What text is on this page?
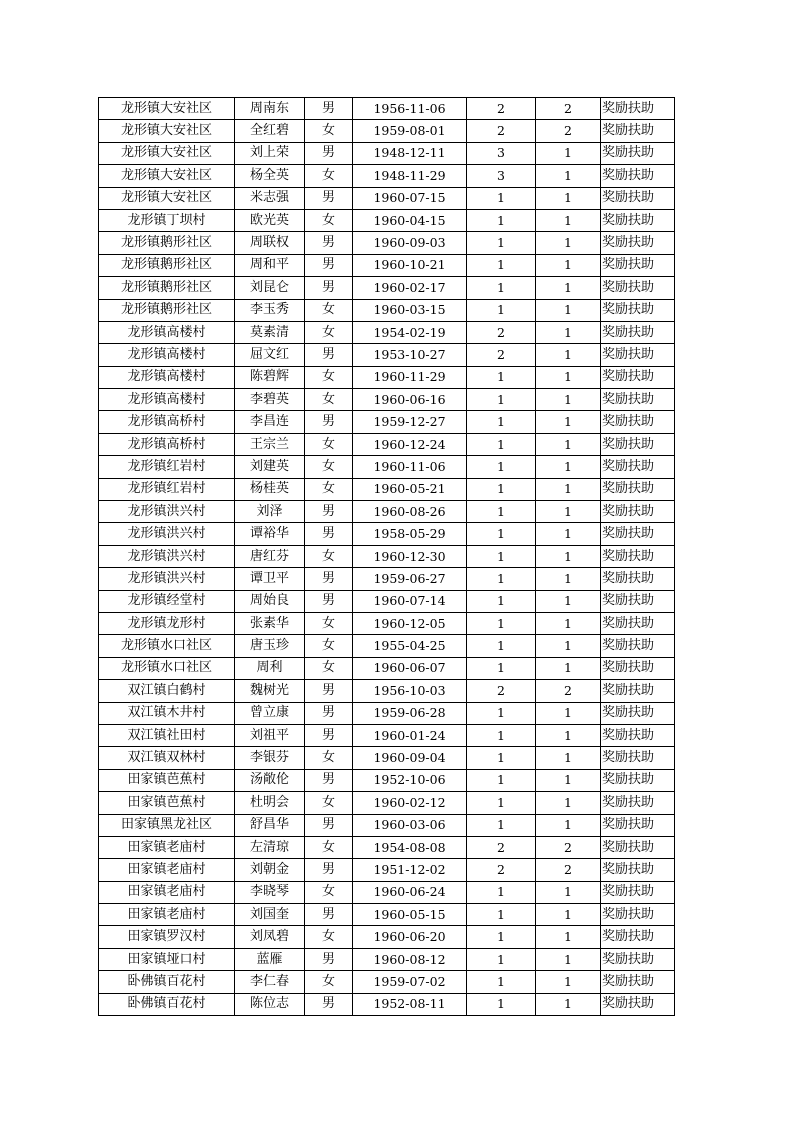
龙形镇大安社区	周南东	男	1956-11-06	2	2	奖励扶助
龙形镇大安社区	全红碧	女	1959-08-01	2	2	奖励扶助
龙形镇大安社区	刘上荣	男	1948-12-11	3	1	奖励扶助
龙形镇大安社区	杨全英	女	1948-11-29	3	1	奖励扶助
龙形镇大安社区	米志强	男	1960-07-15	1	1	奖励扶助
龙形镇丁坝村	欧光英	女	1960-04-15	1	1	奖励扶助
龙形镇鹅形社区	周联权	男	1960-09-03	1	1	奖励扶助
龙形镇鹅形社区	周和平	男	1960-10-21	1	1	奖励扶助
龙形镇鹅形社区	刘昆仑	男	1960-02-17	1	1	奖励扶助
龙形镇鹅形社区	李玉秀	女	1960-03-15	1	1	奖励扶助
龙形镇高楼村	莫素清	女	1954-02-19	2	1	奖励扶助
龙形镇高楼村	屈文红	男	1953-10-27	2	1	奖励扶助
龙形镇高楼村	陈碧辉	女	1960-11-29	1	1	奖励扶助
龙形镇高楼村	李碧英	女	1960-06-16	1	1	奖励扶助
龙形镇高桥村	李昌连	男	1959-12-27	1	1	奖励扶助
龙形镇高桥村	王宗兰	女	1960-12-24	1	1	奖励扶助
龙形镇红岩村	刘建英	女	1960-11-06	1	1	奖励扶助
龙形镇红岩村	杨桂英	女	1960-05-21	1	1	奖励扶助
龙形镇洪兴村	刘泽	男	1960-08-26	1	1	奖励扶助
龙形镇洪兴村	谭裕华	男	1958-05-29	1	1	奖励扶助
龙形镇洪兴村	唐红芬	女	1960-12-30	1	1	奖励扶助
龙形镇洪兴村	谭卫平	男	1959-06-27	1	1	奖励扶助
龙形镇经堂村	周始良	男	1960-07-14	1	1	奖励扶助
龙形镇龙形村	张素华	女	1960-12-05	1	1	奖励扶助
龙形镇水口社区	唐玉珍	女	1955-04-25	1	1	奖励扶助
龙形镇水口社区	周利	女	1960-06-07	1	1	奖励扶助
双江镇白鹤村	魏树光	男	1956-10-03	2	2	奖励扶助
双江镇木井村	曾立康	男	1959-06-28	1	1	奖励扶助
双江镇社田村	刘祖平	男	1960-01-24	1	1	奖励扶助
双江镇双林村	李银芬	女	1960-09-04	1	1	奖励扶助
田家镇芭蕉村	汤敞伦	男	1952-10-06	1	1	奖励扶助
田家镇芭蕉村	杜明会	女	1960-02-12	1	1	奖励扶助
田家镇黑龙社区	舒昌华	男	1960-03-06	1	1	奖励扶助
田家镇老庙村	左清琼	女	1954-08-08	2	2	奖励扶助
田家镇老庙村	刘朝金	男	1951-12-02	2	2	奖励扶助
田家镇老庙村	李晓琴	女	1960-06-24	1	1	奖励扶助
田家镇老庙村	刘国奎	男	1960-05-15	1	1	奖励扶助
田家镇罗汉村	刘凤碧	女	1960-06-20	1	1	奖励扶助
田家镇垭口村	蓝雁	男	1960-08-12	1	1	奖励扶助
卧佛镇百花村	李仁春	女	1959-07-02	1	1	奖励扶助
卧佛镇百花村	陈位志	男	1952-08-11	1	1	奖励扶助
